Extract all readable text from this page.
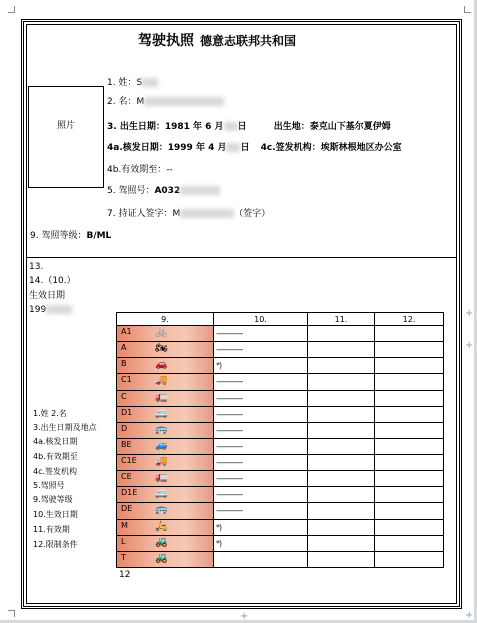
驾驶执照 德意志联邦共和国
照片
1. 姓：S
2. 名：M
3. 出生日期：1981 年 6 月 日	出生地：泰克山下基尔夏伊姆
4a.核发日期：1999 年 4 月 日 4c.签发机构：埃斯林根地区办公室
4b.有效期至：--
5. 驾照号：A032
7. 持证人签字：M	（签字）
9. 驾照等级：B/ML
13.
14.（10.）
生效日期
199
1.姓 2.名
3.出生日期及地点
4a.核发日期
4b.有效期至
4c.签发机构
5.驾照号
9.驾驶等级
10.生效日期
11.有效期
12.限制条件
9.	10.	11.	12.

A1 🚲	--------------		

A 🏍	--------------		

B 🚗	*)		

C1 🚚	--------------		

C 🚛	--------------		

D1 🚐	--------------		

D 🚌	--------------		

BE 🚙	--------------		

C1E 🚚	--------------		

CE 🚛	--------------		

D1E 🚐	--------------		

DE 🚌	--------------		

M 🛵	*)		

L 🚜	*)		

T 🚜			

12
+
+
+
+
